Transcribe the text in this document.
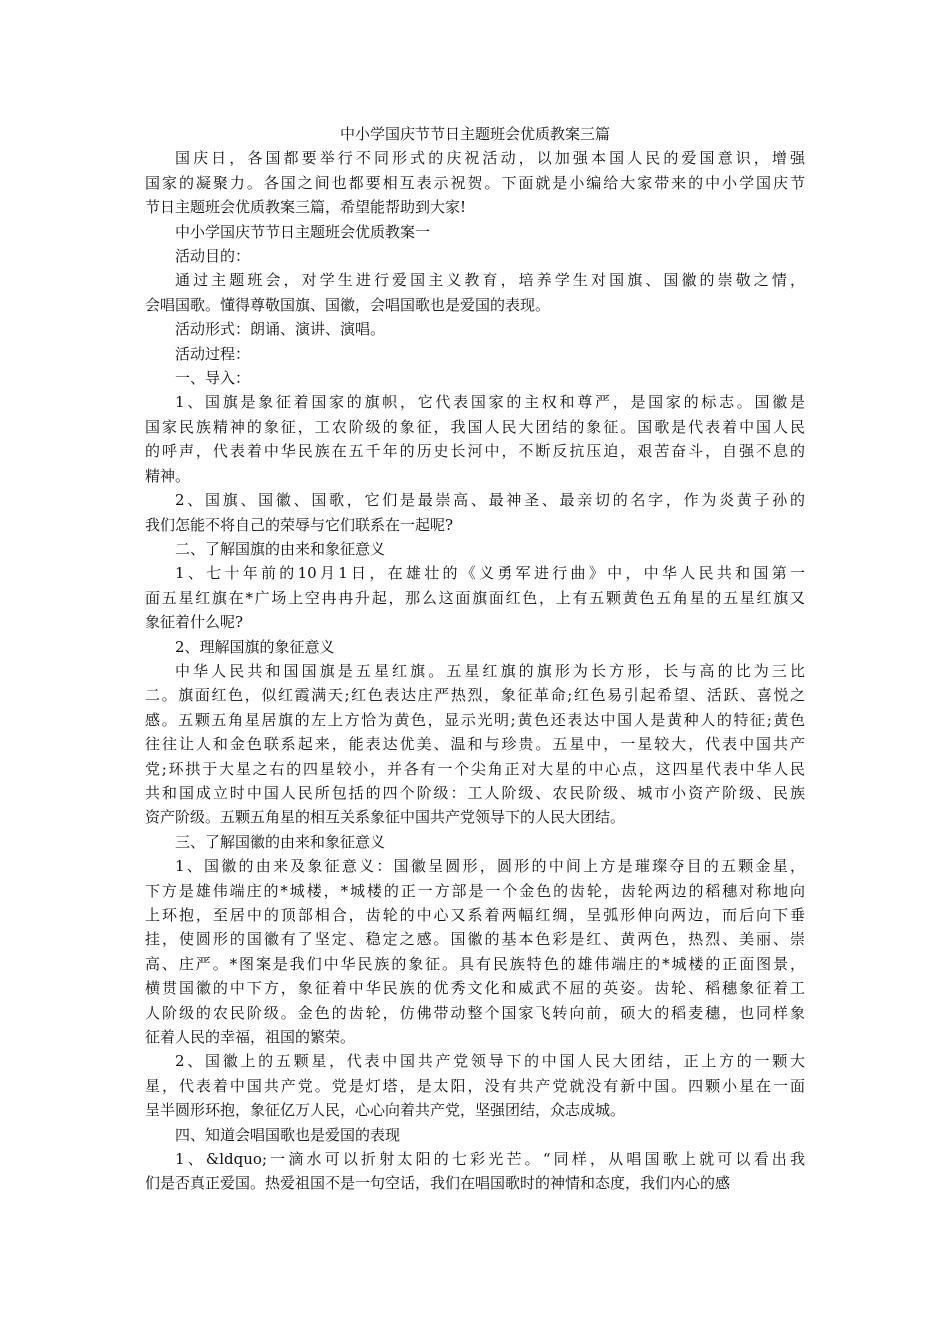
中小学国庆节节日主题班会优质教案三篇

国庆日，各国都要举行不同形式的庆祝活动，以加强本国人民的爱国意识，增强
国家的凝聚力。各国之间也都要相互表示祝贺。下面就是小编给大家带来的中小学国庆节
节日主题班会优质教案三篇，希望能帮助到大家!

中小学国庆节节日主题班会优质教案一

活动目的：

通过主题班会，对学生进行爱国主义教育，培养学生对国旗、国徽的崇敬之情，
会唱国歌。懂得尊敬国旗、国徽，会唱国歌也是爱国的表现。

活动形式：朗诵、演讲、演唱。

活动过程：

一、导入：

1、国旗是象征着国家的旗帜，它代表国家的主权和尊严，是国家的标志。国徽是
国家民族精神的象征，工农阶级的象征，我国人民大团结的象征。国歌是代表着中国人民
的呼声，代表着中华民族在五千年的历史长河中，不断反抗压迫，艰苦奋斗，自强不息的
精神。

2、国旗、国徽、国歌，它们是最崇高、最神圣、最亲切的名字，作为炎黄子孙的
我们怎能不将自己的荣辱与它们联系在一起呢?

二、了解国旗的由来和象征意义

1、七十年前的10月1日，在雄壮的《义勇军进行曲》中，中华人民共和国第一
面五星红旗在*广场上空冉冉升起，那么这面旗面红色，上有五颗黄色五角星的五星红旗又
象征着什么呢?

2、理解国旗的象征意义

中华人民共和国国旗是五星红旗。五星红旗的旗形为长方形，长与高的比为三比
二。旗面红色，似红霞满天;红色表达庄严热烈，象征革命;红色易引起希望、活跃、喜悦之
感。五颗五角星居旗的左上方恰为黄色，显示光明;黄色还表达中国人是黄种人的特征;黄色
往往让人和金色联系起来，能表达优美、温和与珍贵。五星中，一星较大，代表中国共产
党;环拱于大星之右的四星较小，并各有一个尖角正对大星的中心点，这四星代表中华人民
共和国成立时中国人民所包括的四个阶级：工人阶级、农民阶级、城市小资产阶级、民族
资产阶级。五颗五角星的相互关系象征中国共产党领导下的人民大团结。

三、了解国徽的由来和象征意义

1、国徽的由来及象征意义：国徽呈圆形，圆形的中间上方是璀璨夺目的五颗金星，
下方是雄伟端庄的*城楼，*城楼的正一方部是一个金色的齿轮，齿轮两边的稻穗对称地向
上环抱，至居中的顶部相合，齿轮的中心又系着两幅红绸，呈弧形伸向两边，而后向下垂
挂，使圆形的国徽有了坚定、稳定之感。国徽的基本色彩是红、黄两色，热烈、美丽、崇
高、庄严。*图案是我们中华民族的象征。具有民族特色的雄伟端庄的*城楼的正面图景，
横贯国徽的中下方，象征着中华民族的优秀文化和威武不屈的英姿。齿轮、稻穗象征着工
人阶级的农民阶级。金色的齿轮，仿佛带动整个国家飞转向前，硕大的稻麦穗，也同样象
征着人民的幸福，祖国的繁荣。

2、国徽上的五颗星，代表中国共产党领导下的中国人民大团结，正上方的一颗大
星，代表着中国共产党。党是灯塔，是太阳，没有共产党就没有新中国。四颗小星在一面
呈半圆形环抱，象征亿万人民，心心向着共产党，坚强团结，众志成城。

四、知道会唱国歌也是爱国的表现

1、&ldquo;一滴水可以折射太阳的七彩光芒。“同样，从唱国歌上就可以看出我
们是否真正爱国。热爱祖国不是一句空话，我们在唱国歌时的神情和态度，我们内心的感
